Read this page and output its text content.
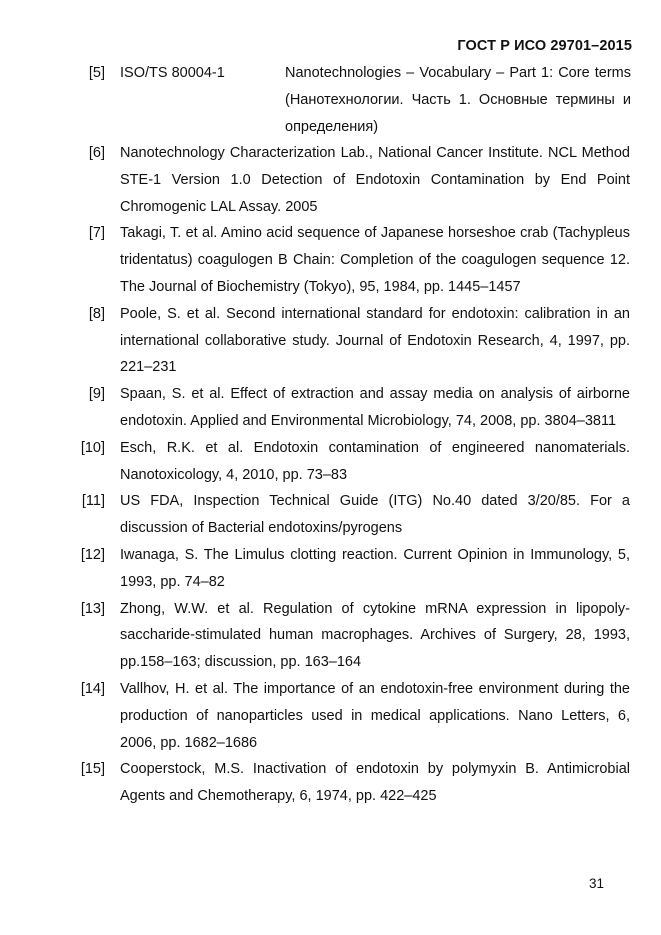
ГОСТ Р ИСО 29701–2015
[5] ISO/TS 80004-1	Nanotechnologies – Vocabulary – Part 1: Core terms (Нанотехнологии. Часть 1. Основные термины и определения)
[6] Nanotechnology Characterization Lab., National Cancer Institute. NCL Method STE-1 Version 1.0 Detection of Endotoxin Contamination by End Point Chromogenic LAL Assay. 2005
[7] Takagi, T. et al. Amino acid sequence of Japanese horseshoe crab (Tachypleus tridentatus) coagulogen B Chain: Completion of the coagulogen sequence 12. The Journal of Biochemistry (Tokyo), 95, 1984, pp. 1445–1457
[8] Poole, S. et al. Second international standard for endotoxin: calibration in an international collaborative study. Journal of Endotoxin Research, 4, 1997, pp. 221–231
[9] Spaan, S. et al. Effect of extraction and assay media on analysis of airborne endotoxin. Applied and Environmental Microbiology, 74, 2008, pp. 3804–3811
[10] Esch, R.K. et al. Endotoxin contamination of engineered nanomaterials. Nanotoxicology, 4, 2010, pp. 73–83
[11] US FDA, Inspection Technical Guide (ITG) No.40 dated 3/20/85. For a discussion of Bacterial endotoxins/pyrogens
[12] Iwanaga, S. The Limulus clotting reaction. Current Opinion in Immunology, 5, 1993, pp. 74–82
[13] Zhong, W.W. et al. Regulation of cytokine mRNA expression in lipopolysaccharide-stimulated human macrophages. Archives of Surgery, 28, 1993, pp.158–163; discussion, pp. 163–164
[14] Vallhov, H. et al. The importance of an endotoxin-free environment during the production of nanoparticles used in medical applications. Nano Letters, 6, 2006, pp. 1682–1686
[15] Cooperstock, M.S. Inactivation of endotoxin by polymyxin B. Antimicrobial Agents and Chemotherapy, 6, 1974, pp. 422–425
31
